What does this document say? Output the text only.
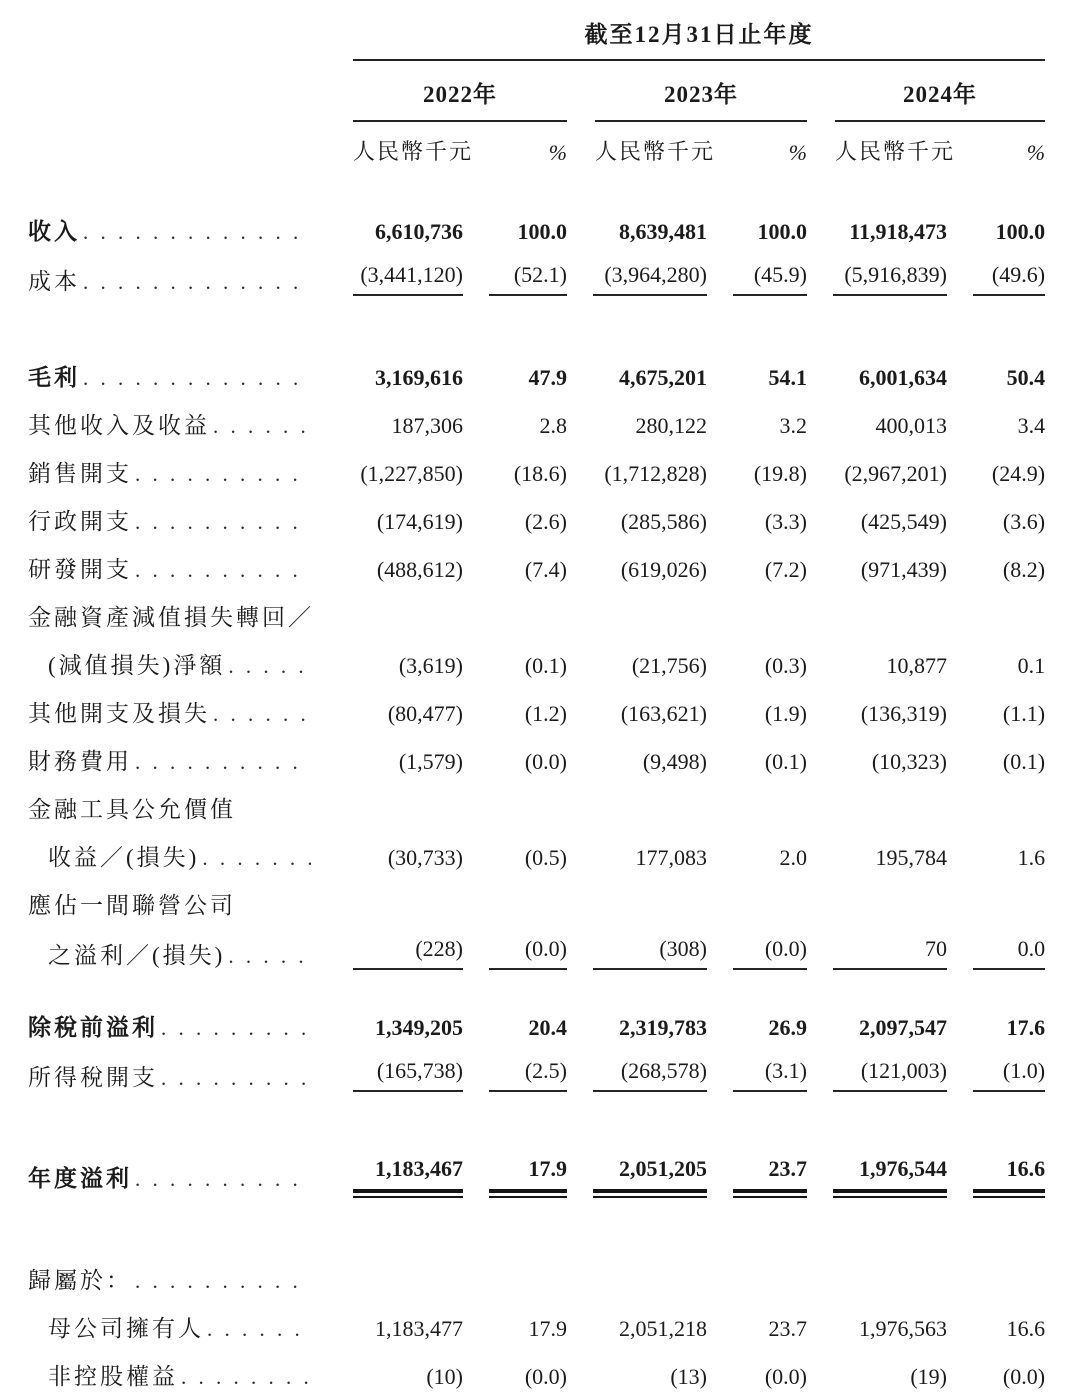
	截至12月31日止年度					

	2022年		2023年		2024年	

	人民幣千元	%	人民幣千元	%	人民幣千元	%

收入
. . .	6,610,736	100.0	8,639,481	100.0	11,918,473	100.0

成本
. . .	(3,441,120)	(52.1)	(3,964,280)	(45.9)	(5,916,839)	(49.6)

毛利
. . .	3,169,616	47.9	4,675,201	54.1	6,001,634	50.4

其他收入及收益
. . .	187,306	2.8	280,122	3.2	400,013	3.4

銷售開支
. . .	(1,227,850)	(18.6)	(1,712,828)	(19.8)	(2,967,201)	(24.9)

行政開支
. . .	(174,619)	(2.6)	(285,586)	(3.3)	(425,549)	(3.6)

研發開支
. . .	(488,612)	(7.4)	(619,026)	(7.2)	(971,439)	(8.2)

金融資產減值損失轉回／						

(減值損失)淨額
. . .	(3,619)	(0.1)	(21,756)	(0.3)	10,877	0.1

其他開支及損失
. . .	(80,477)	(1.2)	(163,621)	(1.9)	(136,319)	(1.1)

財務費用
. . .	(1,579)	(0.0)	(9,498)	(0.1)	(10,323)	(0.1)

金融工具公允價值						

收益／(損失)
. . .	(30,733)	(0.5)	177,083	2.0	195,784	1.6

應佔一間聯營公司						

之溢利／(損失)
. . .	(228)	(0.0)	(308)	(0.0)	70	0.0

除稅前溢利
. . .	1,349,205	20.4	2,319,783	26.9	2,097,547	17.6

所得稅開支
. . .	(165,738)	(2.5)	(268,578)	(3.1)	(121,003)	(1.0)

年度溢利
. . .	1,183,467	17.9	2,051,205	23.7	1,976,544	16.6

歸屬於：
. . .

母公司擁有人
. . .	1,183,477	17.9	2,051,218	23.7	1,976,563	16.6

非控股權益
. . .	(10)	(0.0)	(13)	(0.0)	(19)	(0.0)
